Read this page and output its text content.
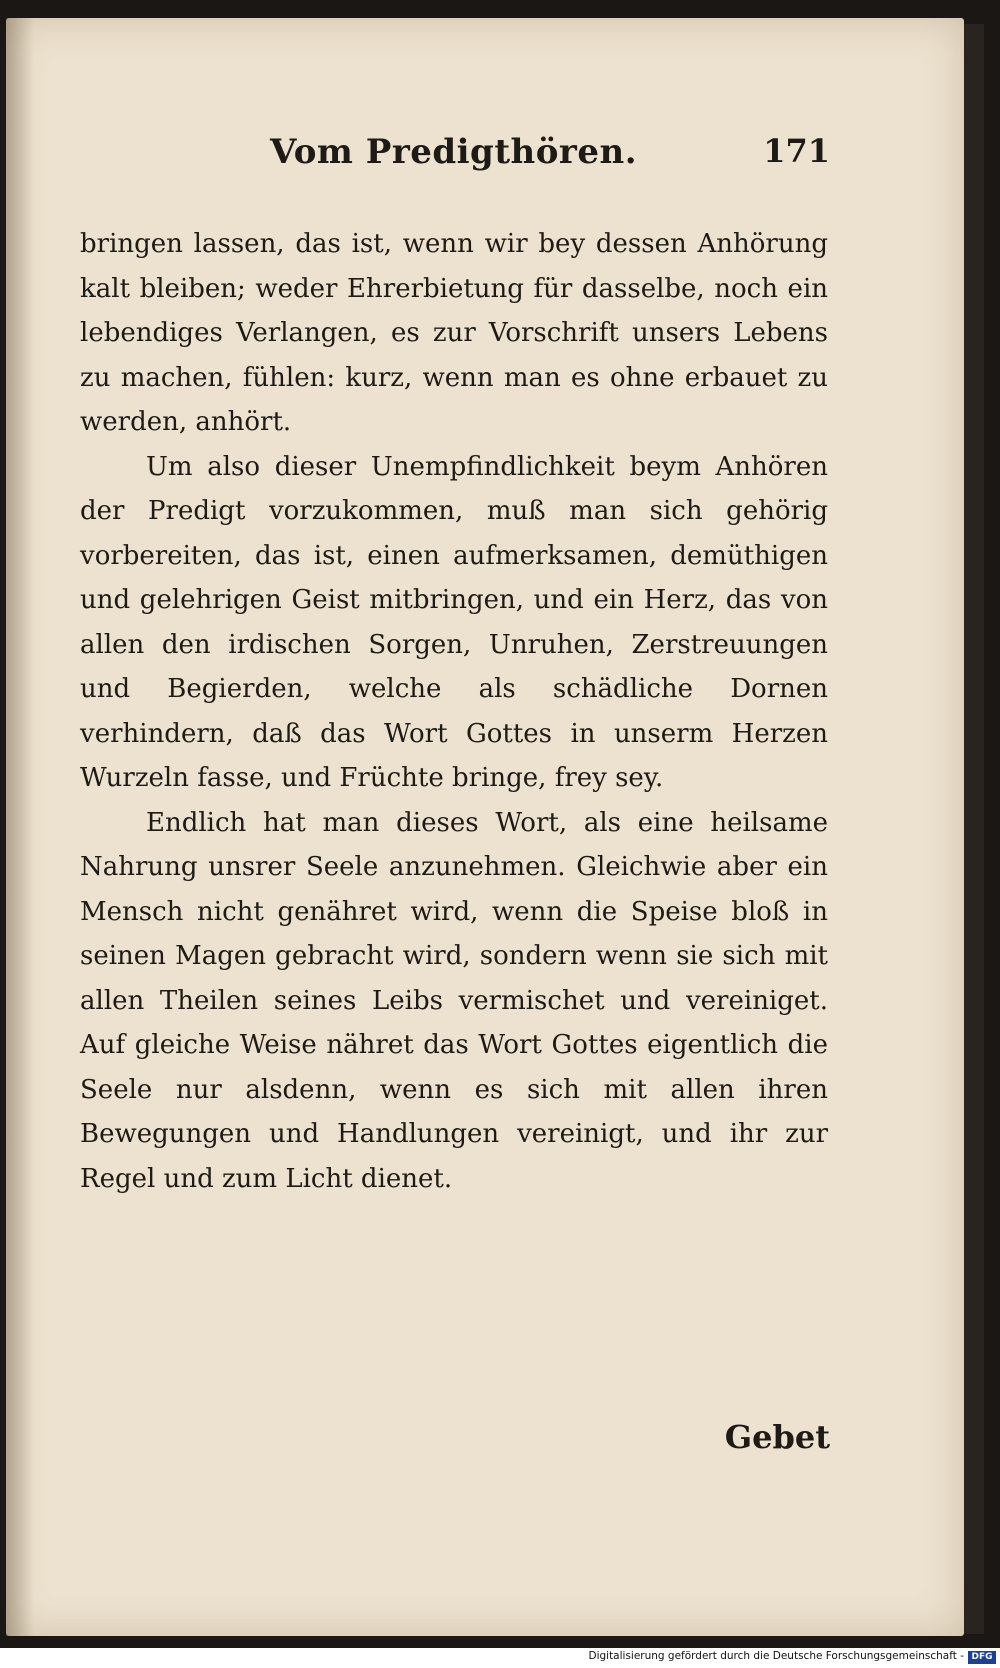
Vom Predigthören.	171

bringen lassen, das ist, wenn wir bey dessen Anhörung kalt bleiben; weder Ehrerbietung für dasselbe, noch ein lebendiges Verlangen, es zur Vorschrift unsers Lebens zu machen, fühlen: kurz, wenn man es ohne erbauet zu werden, anhört.

Um also dieser Unempfindlichkeit beym Anhören der Predigt vorzukommen, muß man sich gehörig vorbereiten, das ist, einen aufmerksamen, demüthigen und gelehrigen Geist mitbringen, und ein Herz, das von allen den irdischen Sorgen, Unruhen, Zerstreuungen und Begierden, welche als schädliche Dornen verhindern, daß das Wort Gottes in unserm Herzen Wurzeln fasse, und Früchte bringe, frey sey.

Endlich hat man dieses Wort, als eine heilsame Nahrung unsrer Seele anzunehmen. Gleichwie aber ein Mensch nicht genähret wird, wenn die Speise bloß in seinen Magen gebracht wird, sondern wenn sie sich mit allen Theilen seines Leibs vermischet und vereiniget. Auf gleiche Weise nähret das Wort Gottes eigentlich die Seele nur alsdenn, wenn es sich mit allen ihren Bewegungen und Handlungen vereinigt, und ihr zur Regel und zum Licht dienet.

Gebet
Digitalisierung gefördert durch die Deutsche Forschungsgemeinschaft - DFG
